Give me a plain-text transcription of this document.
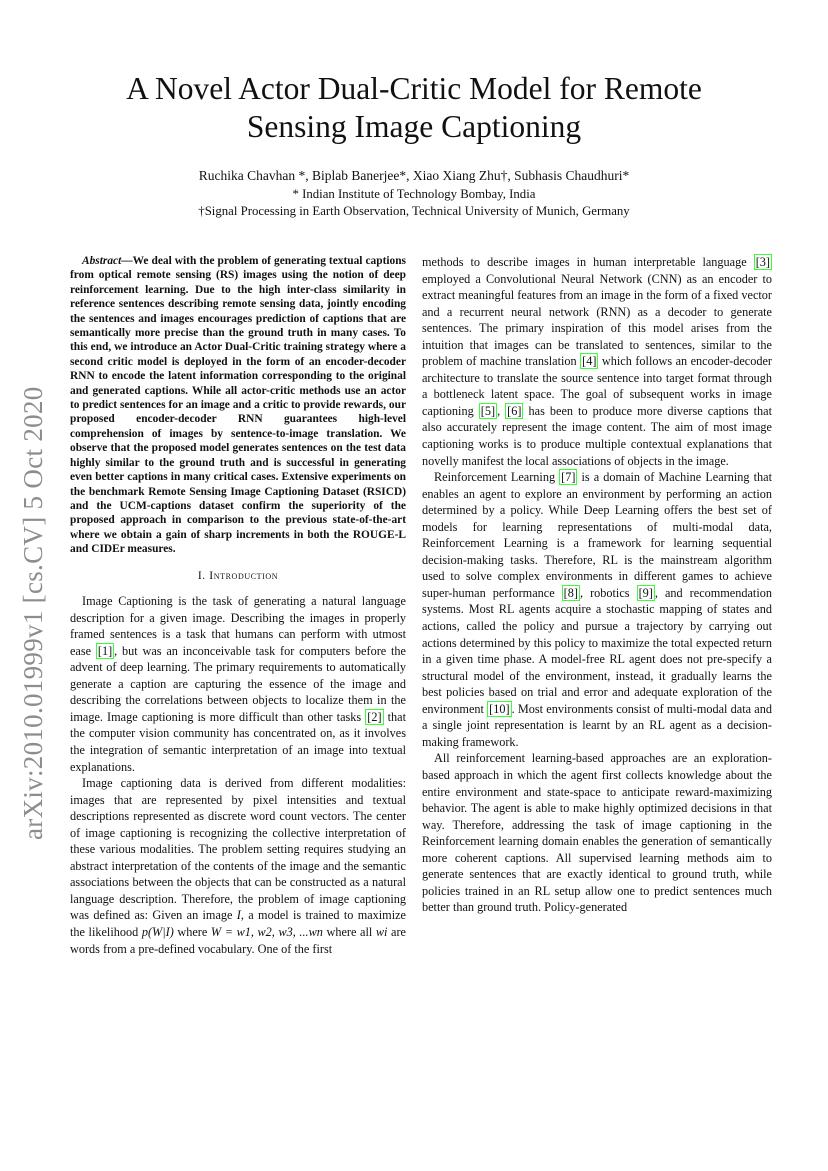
arXiv:2010.01999v1 [cs.CV] 5 Oct 2020
A Novel Actor Dual-Critic Model for Remote
Sensing Image Captioning
Ruchika Chavhan *, Biplab Banerjee*, Xiao Xiang Zhu†, Subhasis Chaudhuri*
* Indian Institute of Technology Bombay, India
†Signal Processing in Earth Observation, Technical University of Munich, Germany

Abstract—We deal with the problem of generating textual captions from optical remote sensing (RS) images using the notion of deep reinforcement learning. Due to the high inter-class similarity in reference sentences describing remote sensing data, jointly encoding the sentences and images encourages prediction of captions that are semantically more precise than the ground truth in many cases. To this end, we introduce an Actor Dual-Critic training strategy where a second critic model is deployed in the form of an encoder-decoder RNN to encode the latent information corresponding to the original and generated captions. While all actor-critic methods use an actor to predict sentences for an image and a critic to provide rewards, our proposed encoder-decoder RNN guarantees high-level comprehension of images by sentence-to-image translation. We observe that the proposed model generates sentences on the test data highly similar to the ground truth and is successful in generating even better captions in many critical cases. Extensive experiments on the benchmark Remote Sensing Image Captioning Dataset (RSICD) and the UCM-captions dataset confirm the superiority of the proposed approach in comparison to the previous state-of-the-art where we obtain a gain of sharp increments in both the ROUGE-L and CIDEr measures.

I. Introduction

Image Captioning is the task of generating a natural language description for a given image. Describing the images in properly framed sentences is a task that humans can perform with utmost ease [1] , but was an inconceivable task for computers before the advent of deep learning. The primary requirements to automatically generate a caption are capturing the essence of the image and describing the correlations between objects to localize them in the image. Image captioning is more difficult than other tasks [2] that the computer vision community has concentrated on, as it involves the integration of semantic interpretation of an image into textual explanations.

Image captioning data is derived from different modalities: images that are represented by pixel intensities and textual descriptions represented as discrete word count vectors. The center of image captioning is recognizing the collective interpretation of these various modalities. The problem setting requires studying an abstract interpretation of the contents of the image and the semantic associations between the objects that can be constructed as a natural language description. Therefore, the problem of image captioning was defined as: Given an image I, a model is trained to maximize the likelihood p(W|I) where W = w1, w2, w3, ...wn where all wi are words from a pre-defined vocabulary. One of the first

methods to describe images in human interpretable language [3] employed a Convolutional Neural Network (CNN) as an encoder to extract meaningful features from an image in the form of a fixed vector and a recurrent neural network (RNN) as a decoder to generate sentences. The primary inspiration of this model arises from the intuition that images can be translated to sentences, similar to the problem of machine translation [4] which follows an encoder-decoder architecture to translate the source sentence into target format through a bottleneck latent space. The goal of subsequent works in image captioning [5] , [6] has been to produce more diverse captions that also accurately represent the image content. The aim of most image captioning works is to produce multiple contextual explanations that novelly manifest the local associations of objects in the image.

Reinforcement Learning [7] is a domain of Machine Learning that enables an agent to explore an environment by performing an action determined by a policy. While Deep Learning offers the best set of models for learning representations of multi-modal data, Reinforcement Learning is a framework for learning sequential decision-making tasks. Therefore, RL is the mainstream algorithm used to solve complex environments in different games to achieve super-human performance [8] , robotics [9] , and recommendation systems. Most RL agents acquire a stochastic mapping of states and actions, called the policy and pursue a trajectory by carrying out actions determined by this policy to maximize the total expected return in a given time phase. A model-free RL agent does not pre-specify a structural model of the environment, instead, it gradually learns the best policies based on trial and error and adequate exploration of the environment [10] . Most environments consist of multi-modal data and a single joint representation is learnt by an RL agent as a decision-making framework.

All reinforcement learning-based approaches are an exploration-based approach in which the agent first collects knowledge about the entire environment and state-space to anticipate reward-maximizing behavior. The agent is able to make highly optimized decisions in that way. Therefore, addressing the task of image captioning in the Reinforcement learning domain enables the generation of semantically more coherent captions. All supervised learning methods aim to generate sentences that are exactly identical to ground truth, while policies trained in an RL setup allow one to predict sentences much better than ground truth. Policy-generated
